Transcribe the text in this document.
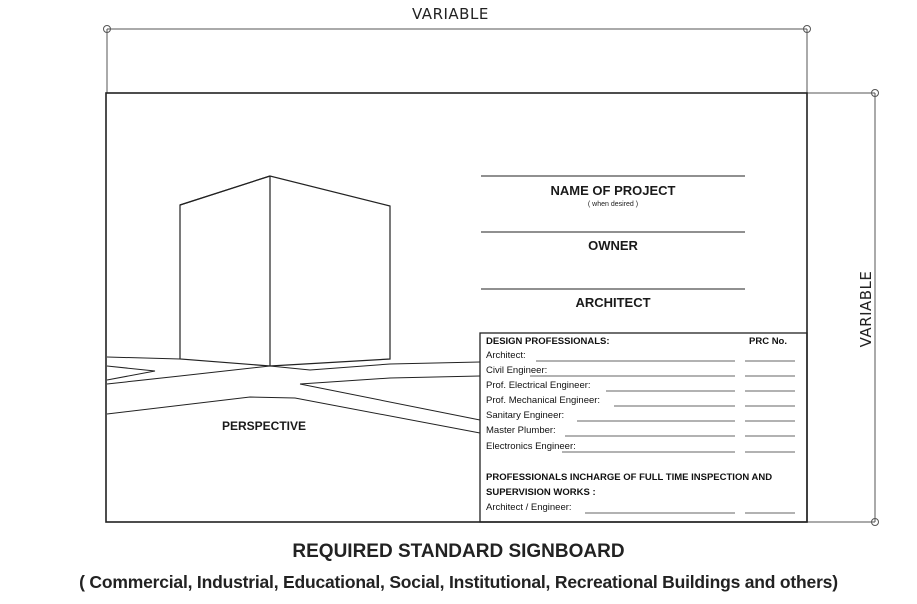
VARIABLE
VARIABLE
PERSPECTIVE
NAME OF PROJECT
( when desired )
OWNER
ARCHITECT
DESIGN PROFESSIONALS:	PRC No.
Architect:
Civil Engineer:
Prof. Electrical Engineer:
Prof. Mechanical Engineer:
Sanitary Engineer:
Master Plumber:
Electronics Engineer:
PROFESSIONALS INCHARGE OF FULL TIME INSPECTION AND
SUPERVISION WORKS :
Architect / Engineer:
REQUIRED STANDARD SIGNBOARD
( Commercial, Industrial, Educational, Social, Institutional, Recreational Buildings and others)
